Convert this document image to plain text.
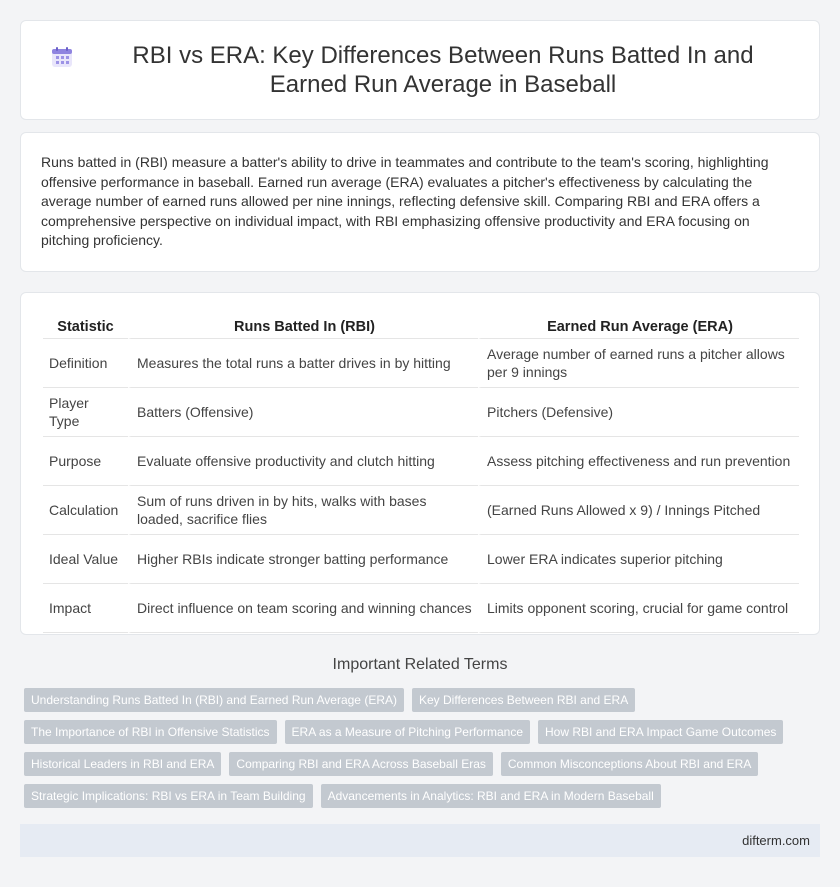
RBI vs ERA: Key Differences Between Runs Batted In and Earned Run Average in Baseball

Runs batted in (RBI) measure a batter's ability to drive in teammates and contribute to the team's scoring, highlighting offensive performance in baseball. Earned run average (ERA) evaluates a pitcher's effectiveness by calculating the average number of earned runs allowed per nine innings, reflecting defensive skill. Comparing RBI and ERA offers a comprehensive perspective on individual impact, with RBI emphasizing offensive productivity and ERA focusing on pitching proficiency.

Statistic	Runs Batted In (RBI)	Earned Run Average (ERA)
Definition	Measures the total runs a batter drives in by hitting	Average number of earned runs a pitcher allows per 9 innings
Player Type	Batters (Offensive)	Pitchers (Defensive)
Purpose	Evaluate offensive productivity and clutch hitting	Assess pitching effectiveness and run prevention
Calculation	Sum of runs driven in by hits, walks with bases loaded, sacrifice flies	(Earned Runs Allowed x 9) / Innings Pitched
Ideal Value	Higher RBIs indicate stronger batting performance	Lower ERA indicates superior pitching
Impact	Direct influence on team scoring and winning chances	Limits opponent scoring, crucial for game control
Important Related Terms
Understanding Runs Batted In (RBI) and Earned Run Average (ERA)	Key Differences Between RBI and ERA
The Importance of RBI in Offensive Statistics	ERA as a Measure of Pitching Performance	How RBI and ERA Impact Game Outcomes
Historical Leaders in RBI and ERA	Comparing RBI and ERA Across Baseball Eras	Common Misconceptions About RBI and ERA
Strategic Implications: RBI vs ERA in Team Building	Advancements in Analytics: RBI and ERA in Modern Baseball
difterm.com
